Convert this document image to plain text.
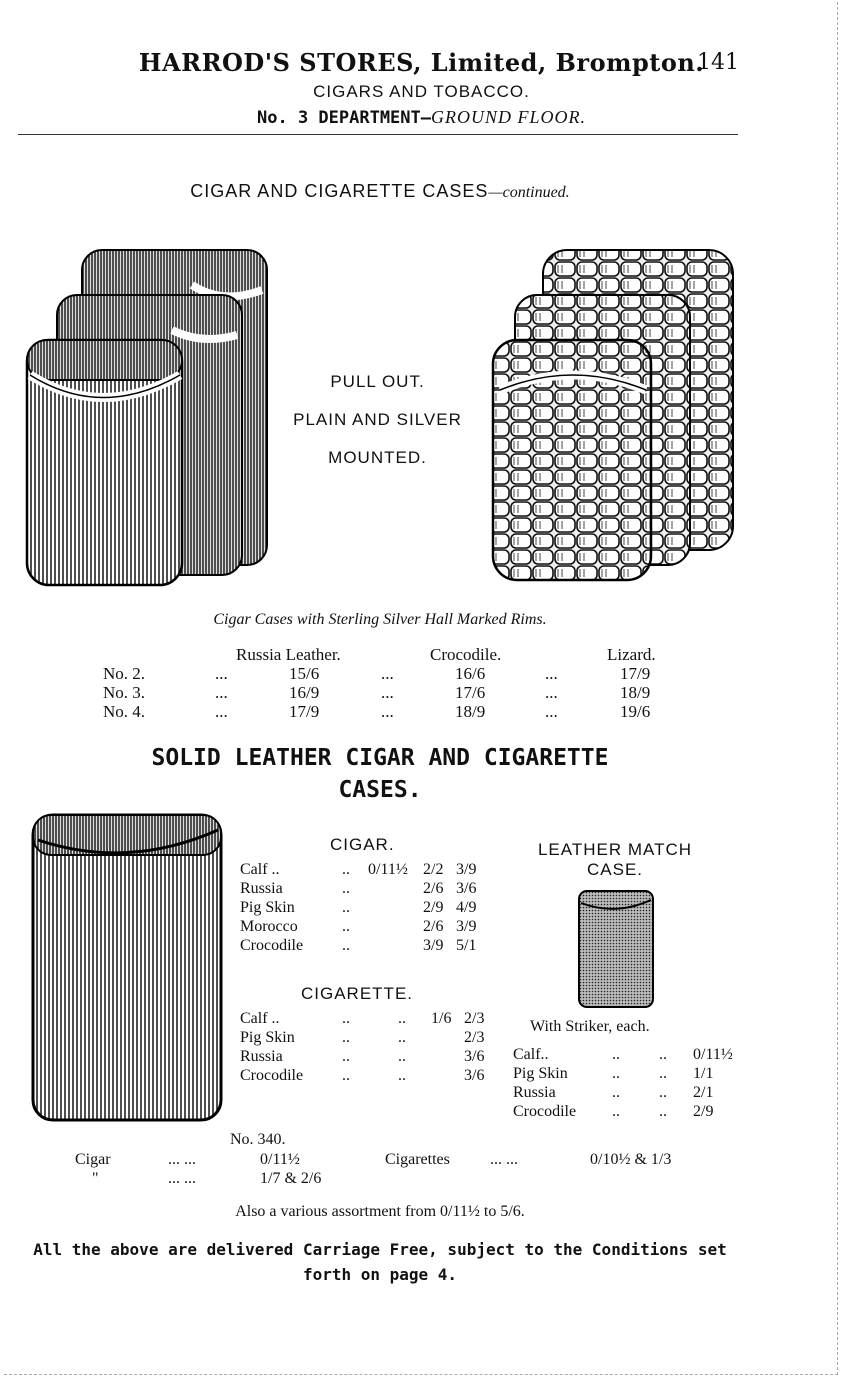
HARROD'S STORES, Limited, Brompton.
141
CIGARS AND TOBACCO.
No. 3 DEPARTMENT—GROUND FLOOR.
CIGAR AND CIGARETTE CASES—continued.
PULL OUT.
PLAIN AND SILVER
MOUNTED.
Cigar Cases with Sterling Silver Hall Marked Rims.
Russia Leather.	Crocodile.	Lizard.
No. 2.	...	15/6	...	16/6	...	17/9
No. 3.	...	16/9	...	17/6	...	18/9
No. 4.	...	17/9	...	18/9	...	19/6
SOLID LEATHER CIGAR AND CIGARETTE
CASES.
CIGAR.
Calf ..	.. 0/11½ 2/2 3/9
Russia	..	2/6 3/6
Pig Skin	..	2/9 4/9
Morocco	..	2/6 3/9
Crocodile ..	3/9 5/1
CIGARETTE.
Calf ..	..	.. 1/6 2/3
Pig Skin	..	..	2/3
Russia	..	..	3/6
Crocodile ..	..	3/6
LEATHER MATCH
CASE.
With Striker, each.
Calf..	.. .. 0/11½
Pig Skin	.. .. 1/1
Russia	.. .. 2/1
Crocodile .. .. 2/9
No. 340.
Cigar	... ...	0/11½	Cigarettes	... ...	0/10½ & 1/3
"	... ...	1/7 & 2/6
Also a various assortment from 0/11½ to 5/6.
All the above are delivered Carriage Free, subject to the Conditions set
forth on page 4.
